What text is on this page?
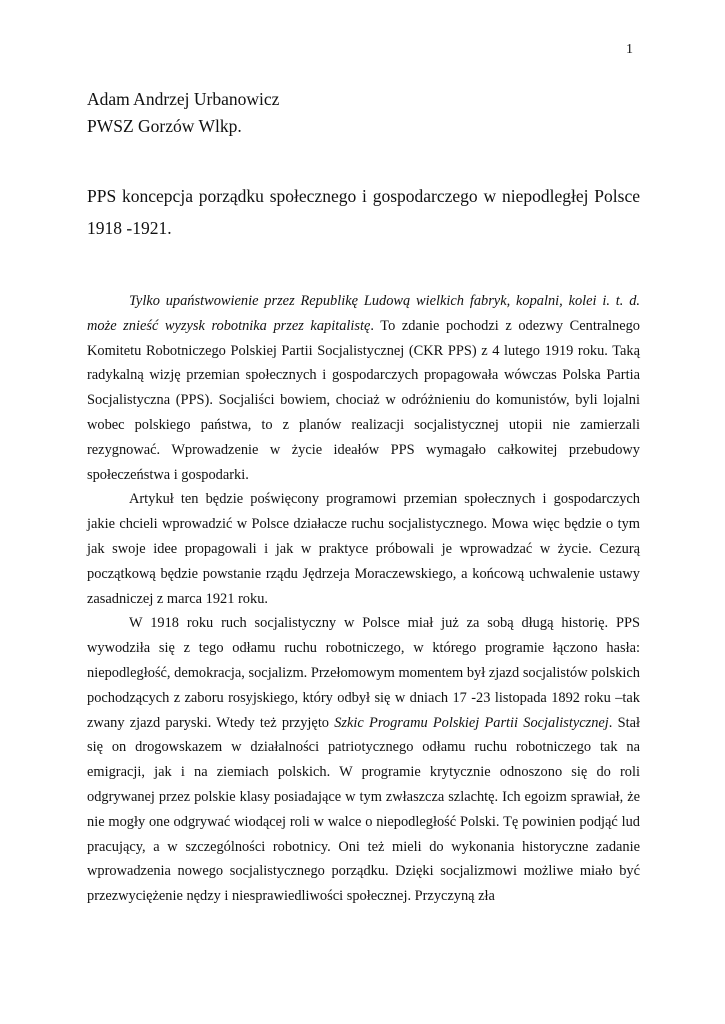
1
Adam Andrzej Urbanowicz
PWSZ Gorzów Wlkp.
PPS koncepcja porządku społecznego i gospodarczego w niepodległej Polsce 1918 -1921.

Tylko upaństwowienie przez Republikę Ludową wielkich fabryk, kopalni, kolei i. t. d. może znieść wyzysk robotnika przez kapitalistę. To zdanie pochodzi z odezwy Centralnego Komitetu Robotniczego Polskiej Partii Socjalistycznej (CKR PPS) z 4 lutego 1919 roku. Taką radykalną wizję przemian społecznych i gospodarczych propagowała wówczas Polska Partia Socjalistyczna (PPS). Socjaliści bowiem, chociaż w odróżnieniu do komunistów, byli lojalni wobec polskiego państwa, to z planów realizacji socjalistycznej utopii nie zamierzali rezygnować. Wprowadzenie w życie ideałów PPS wymagało całkowitej przebudowy społeczeństwa i gospodarki.

Artykuł ten będzie poświęcony programowi przemian społecznych i gospodarczych jakie chcieli wprowadzić w Polsce działacze ruchu socjalistycznego. Mowa więc będzie o tym jak swoje idee propagowali i jak w praktyce próbowali je wprowadzać w życie. Cezurą początkową będzie powstanie rządu Jędrzeja Moraczewskiego, a końcową uchwalenie ustawy zasadniczej z marca 1921 roku.

W 1918 roku ruch socjalistyczny w Polsce miał już za sobą długą historię. PPS wywodziła się z tego odłamu ruchu robotniczego, w którego programie łączono hasła: niepodległość, demokracja, socjalizm. Przełomowym momentem był zjazd socjalistów polskich pochodzących z zaboru rosyjskiego, który odbył się w dniach 17 -23 listopada 1892 roku –tak zwany zjazd paryski. Wtedy też przyjęto Szkic Programu Polskiej Partii Socjalistycznej. Stał się on drogowskazem w działalności patriotycznego odłamu ruchu robotniczego tak na emigracji, jak i na ziemiach polskich. W programie krytycznie odnoszono się do roli odgrywanej przez polskie klasy posiadające w tym zwłaszcza szlachtę. Ich egoizm sprawiał, że nie mogły one odgrywać wiodącej roli w walce o niepodległość Polski. Tę powinien podjąć lud pracujący, a w szczególności robotnicy. Oni też mieli do wykonania historyczne zadanie wprowadzenia nowego socjalistycznego porządku. Dzięki socjalizmowi możliwe miało być przezwyciężenie nędzy i niesprawiedliwości społecznej. Przyczyną zła
